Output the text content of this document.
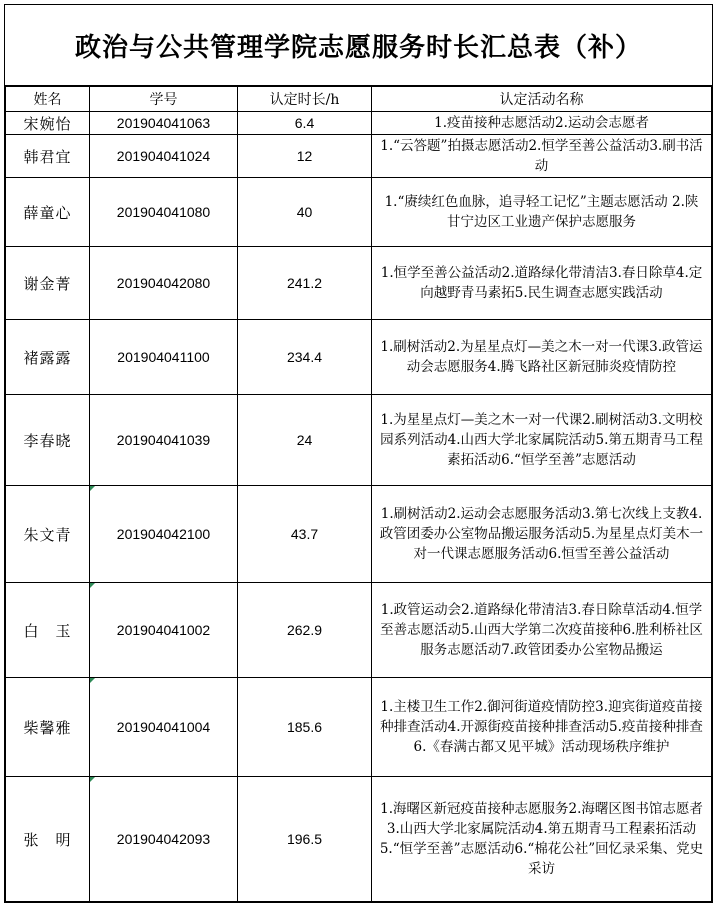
政治与公共管理学院志愿服务时长汇总表（补）
姓名	学号	认定时长/h	认定活动名称
宋婉怡	201904041063	6.4	1.疫苗接种志愿活动2.运动会志愿者
韩君宜	201904041024	12	1.“云答题”拍摄志愿活动2.恒学至善公益活动3.刷书活动
薛童心	201904041080	40	1.“赓续红色血脉，追寻轻工记忆”主题志愿活动 2.陕甘宁边区工业遗产保护志愿服务
谢金菁	201904042080	241.2	1.恒学至善公益活动2.道路绿化带清洁3.春日除草4.定向越野青马素拓5.民生调查志愿实践活动
褚露露	201904041100	234.4	1.刷树活动2.为星星点灯—美之木一对一代课3.政管运动会志愿服务4.腾飞路社区新冠肺炎疫情防控
李春晓	201904041039	24	1.为星星点灯—美之木一对一代课2.刷树活动3.文明校园系列活动4.山西大学北家属院活动5.第五期青马工程素拓活动6.“恒学至善”志愿活动
朱文青	201904042100	43.7	1.刷树活动2.运动会志愿服务活动3.第七次线上支教4.政管团委办公室物品搬运服务活动5.为星星点灯美木一对一代课志愿服务活动6.恒雪至善公益活动
白　玉	201904041002	262.9	1.政管运动会2.道路绿化带清洁3.春日除草活动4.恒学至善志愿活动5.山西大学第二次疫苗接种6.胜利桥社区服务志愿活动7.政管团委办公室物品搬运
柴馨雅	201904041004	185.6	1.主楼卫生工作2.御河街道疫情防控3.迎宾街道疫苗接种排查活动4.开源街疫苗接种排查活动5.疫苗接种排查6.《春满古都又见平城》活动现场秩序维护
张　明	201904042093	196.5	1.海曙区新冠疫苗接种志愿服务2.海曙区图书馆志愿者3.山西大学北家属院活动4.第五期青马工程素拓活动5.“恒学至善”志愿活动6.“棉花公社”回忆录采集、党史采访
